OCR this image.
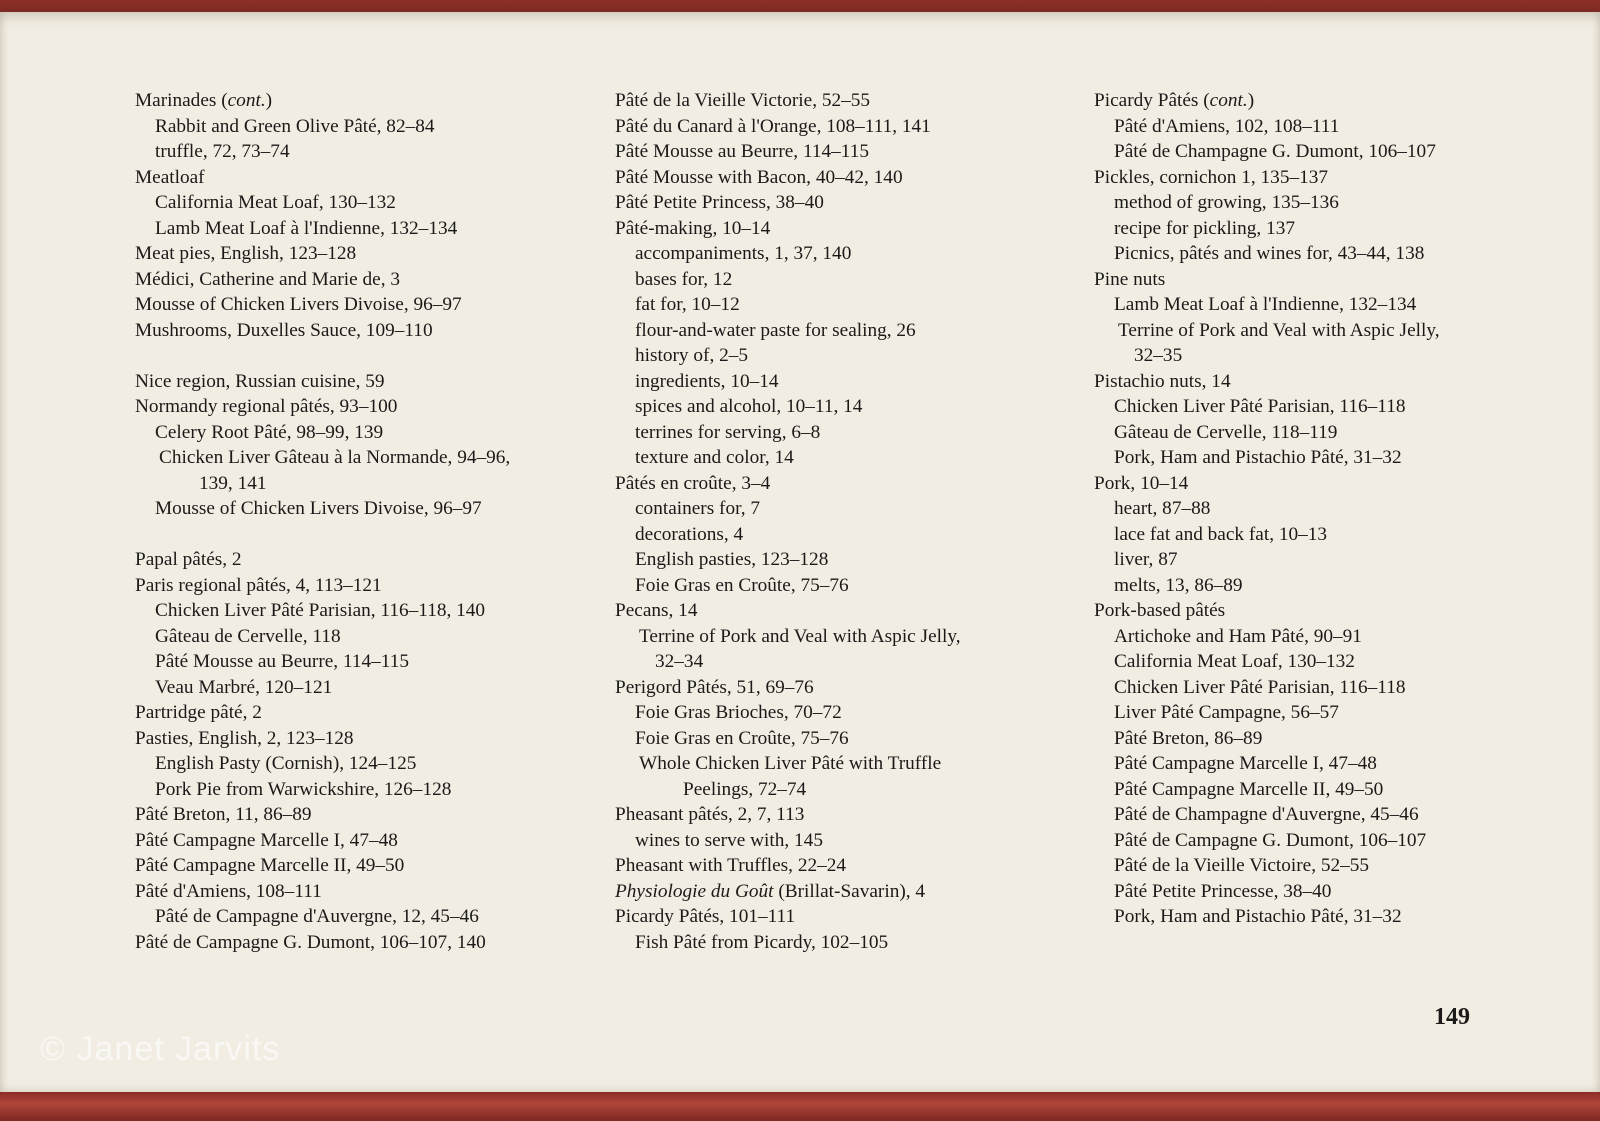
Marinades (cont.)
Rabbit and Green Olive Pâté, 82–84
truffle, 72, 73–74
Meatloaf
California Meat Loaf, 130–132
Lamb Meat Loaf à l'Indienne, 132–134
Meat pies, English, 123–128
Médici, Catherine and Marie de, 3
Mousse of Chicken Livers Divoise, 96–97
Mushrooms, Duxelles Sauce, 109–110
Nice region, Russian cuisine, 59
Normandy regional pâtés, 93–100
Celery Root Pâté, 98–99, 139
Chicken Liver Gâteau à la Normande, 94–96,
139, 141
Mousse of Chicken Livers Divoise, 96–97
Papal pâtés, 2
Paris regional pâtés, 4, 113–121
Chicken Liver Pâté Parisian, 116–118, 140
Gâteau de Cervelle, 118
Pâté Mousse au Beurre, 114–115
Veau Marbré, 120–121
Partridge pâté, 2
Pasties, English, 2, 123–128
English Pasty (Cornish), 124–125
Pork Pie from Warwickshire, 126–128
Pâté Breton, 11, 86–89
Pâté Campagne Marcelle I, 47–48
Pâté Campagne Marcelle II, 49–50
Pâté d'Amiens, 108–111
Pâté de Campagne d'Auvergne, 12, 45–46
Pâté de Campagne G. Dumont, 106–107, 140
Pâté de la Vieille Victorie, 52–55
Pâté du Canard à l'Orange, 108–111, 141
Pâté Mousse au Beurre, 114–115
Pâté Mousse with Bacon, 40–42, 140
Pâté Petite Princess, 38–40
Pâté-making, 10–14
accompaniments, 1, 37, 140
bases for, 12
fat for, 10–12
flour-and-water paste for sealing, 26
history of, 2–5
ingredients, 10–14
spices and alcohol, 10–11, 14
terrines for serving, 6–8
texture and color, 14
Pâtés en croûte, 3–4
containers for, 7
decorations, 4
English pasties, 123–128
Foie Gras en Croûte, 75–76
Pecans, 14
Terrine of Pork and Veal with Aspic Jelly,
32–34
Perigord Pâtés, 51, 69–76
Foie Gras Brioches, 70–72
Foie Gras en Croûte, 75–76
Whole Chicken Liver Pâté with Truffle
Peelings, 72–74
Pheasant pâtés, 2, 7, 113
wines to serve with, 145
Pheasant with Truffles, 22–24
Physiologie du Goût (Brillat-Savarin), 4
Picardy Pâtés, 101–111
Fish Pâté from Picardy, 102–105
Picardy Pâtés (cont.)
Pâté d'Amiens, 102, 108–111
Pâté de Champagne G. Dumont, 106–107
Pickles, cornichon 1, 135–137
method of growing, 135–136
recipe for pickling, 137
Picnics, pâtés and wines for, 43–44, 138
Pine nuts
Lamb Meat Loaf à l'Indienne, 132–134
Terrine of Pork and Veal with Aspic Jelly,
32–35
Pistachio nuts, 14
Chicken Liver Pâté Parisian, 116–118
Gâteau de Cervelle, 118–119
Pork, Ham and Pistachio Pâté, 31–32
Pork, 10–14
heart, 87–88
lace fat and back fat, 10–13
liver, 87
melts, 13, 86–89
Pork-based pâtés
Artichoke and Ham Pâté, 90–91
California Meat Loaf, 130–132
Chicken Liver Pâté Parisian, 116–118
Liver Pâté Campagne, 56–57
Pâté Breton, 86–89
Pâté Campagne Marcelle I, 47–48
Pâté Campagne Marcelle II, 49–50
Pâté de Champagne d'Auvergne, 45–46
Pâté de Campagne G. Dumont, 106–107
Pâté de la Vieille Victoire, 52–55
Pâté Petite Princesse, 38–40
Pork, Ham and Pistachio Pâté, 31–32
149
© Janet Jarvits
